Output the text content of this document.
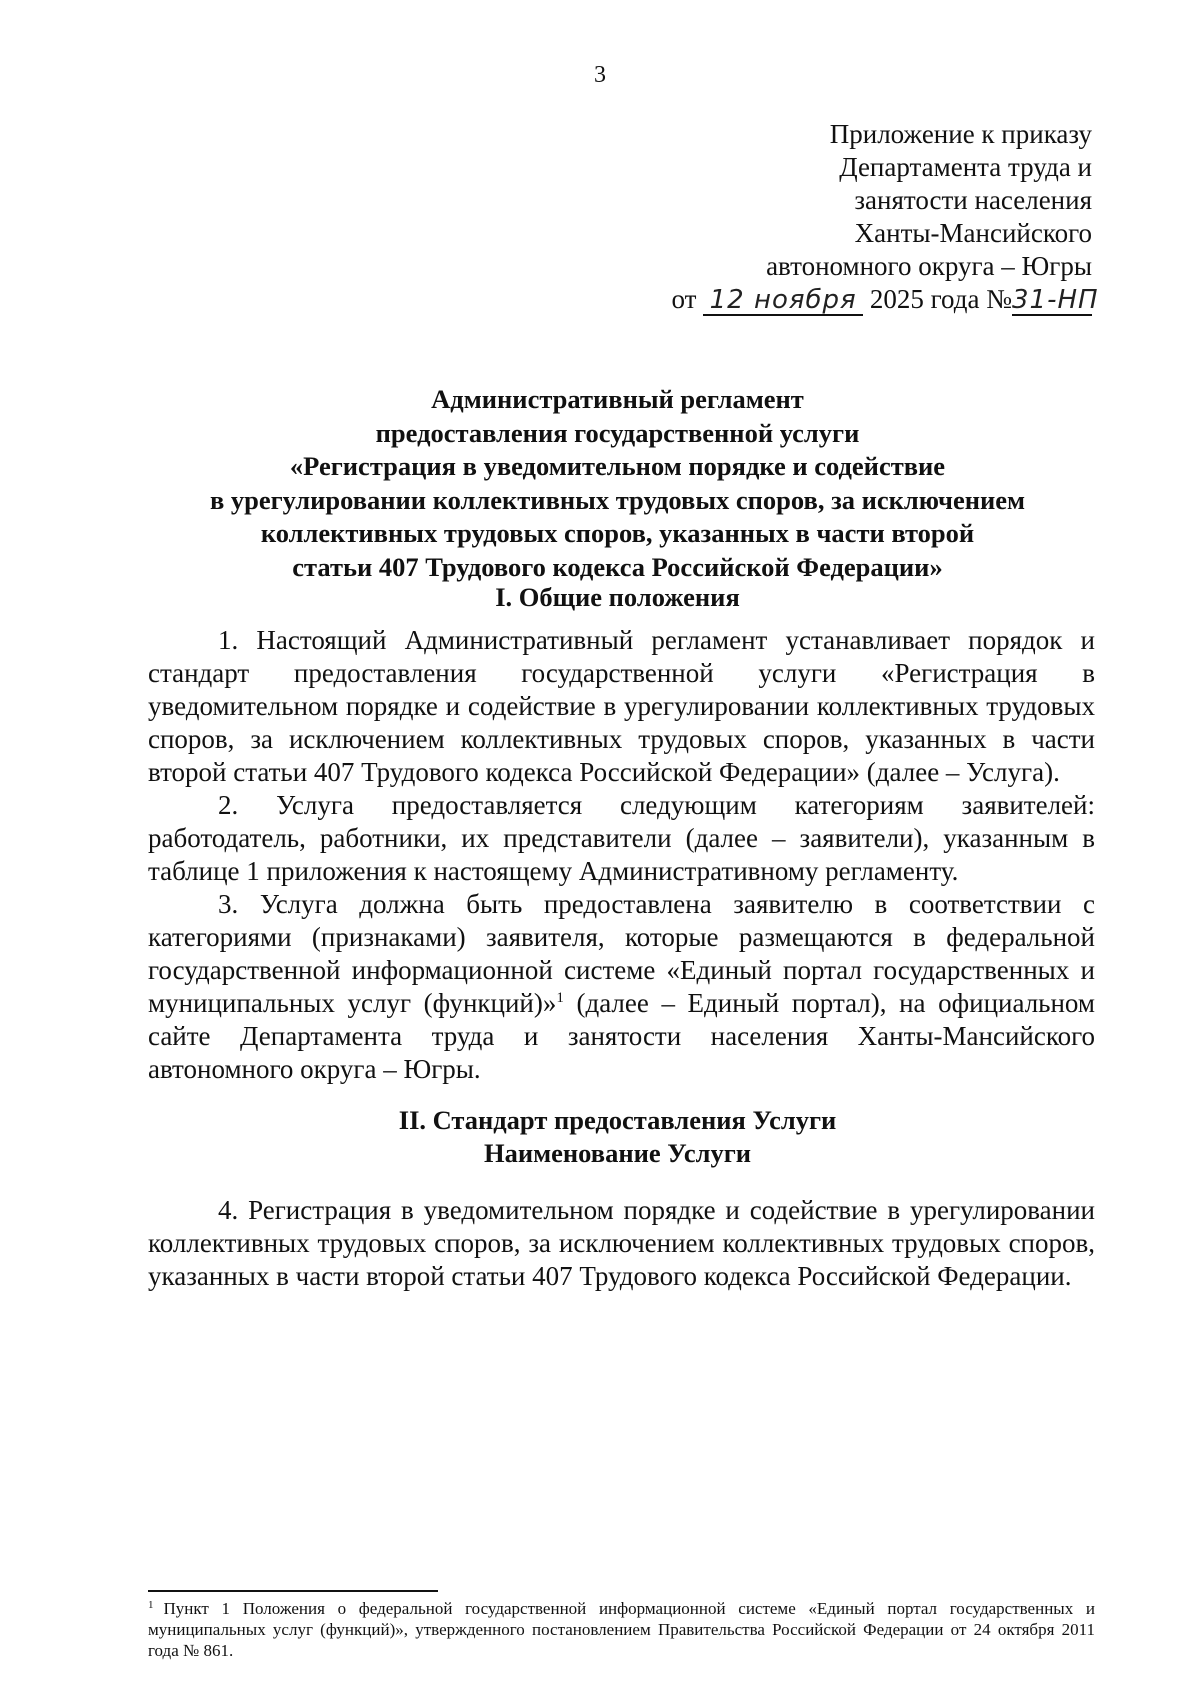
3
Приложение к приказу
Департамента труда и
занятости населения
Ханты-Мансийского
автономного округа – Югры
от 12 ноября 2025 года №31-НП
Административный регламент
предоставления государственной услуги
«Регистрация в уведомительном порядке и содействие
в урегулировании коллективных трудовых споров, за исключением
коллективных трудовых споров, указанных в части второй
статьи 407 Трудового кодекса Российской Федерации»
I. Общие положения

1. Настоящий Административный регламент устанавливает порядок и стандарт предоставления государственной услуги «Регистрация в уведомительном порядке и содействие в урегулировании коллективных трудовых споров, за исключением коллективных трудовых споров, указанных в части второй статьи 407 Трудового кодекса Российской Федерации» (далее – Услуга).

2. Услуга предоставляется следующим категориям заявителей: работодатель, работники, их представители (далее – заявители), указанным в таблице 1 приложения к настоящему Административному регламенту.

3. Услуга должна быть предоставлена заявителю в соответствии с категориями (признаками) заявителя, которые размещаются в федеральной государственной информационной системе «Единый портал государственных и муниципальных услуг (функций)»$^1$ (далее – Единый портал), на официальном сайте Департамента труда и занятости населения Ханты-Мансийского автономного округа – Югры.

II. Стандарт предоставления Услуги
Наименование Услуги

4. Регистрация в уведомительном порядке и содействие в урегулировании коллективных трудовых споров, за исключением коллективных трудовых споров, указанных в части второй статьи 407 Трудового кодекса Российской Федерации.

$^1$ Пункт 1 Положения о федеральной государственной информационной системе «Единый портал государственных и муниципальных услуг (функций)», утвержденного постановлением Правительства Российской Федерации от 24 октября 2011 года № 861.
